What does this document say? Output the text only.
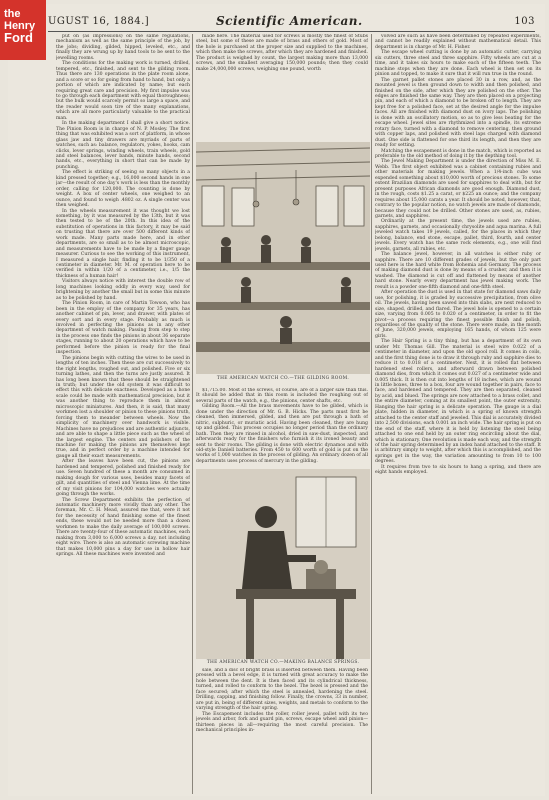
the
Henry
Ford
UGUST 16, 1884.]	Scientific American.	103

put on (as impressions) on the same regulations, mechanism as well as the same principle of the job, by the jobs; dividing, gilded, hipped, leveled, etc., and finally they are wrung up by hand tools to be sent to the jewelling rooms.

The conditions for the making work is turned, drilled, tempered, etc., finished, and sent to the gilding room. Thus there are 130 operations in the plate room alone, and a score or so for going from hand to hand, but only a portion of which are indicated by name; but each requiring great care and precision. My first impulse was to go through each department with equal thoroughness; but the bulk would scarcely permit so large a space, and the reader would soon tire of the many explanations, which are all more particularly valuable to the practical man.

In the making department I shall give a short notice. The Pinion Room is in charge of N. P. Mosley. The first thing that was exhibited was a sort of platform, in whose glass jaw and tiny drawers are myriads of parts of watches, such as: balance, regulators, yokes, hooks, cam clicks, lever springs, winding wheels, train wheels, gold and steel balances, lever bands, minute hands, second hands, etc., everything in short that can be made by punching.

The effect is striking of seeing so many objects in a kind pressed together; e.g., 16,000 second hands in one jar—the result of one day's work is less than the monthly order, calling for 120,000. The counting is done by weight. A box of center wheels, one weighed to an ounce, and found to weigh .4802 oz. A single center was then weighed.

In the wheels measurement it was thought we lost something, by it was measured by the 13th, but it was then tested to be of the 20th. In this idea of the substitution of operations in this factory, it may be said on trusting that there are over 500 different kinds of work made. Many parts made here, and in other departments, are so small as to be almost microscopic, and measurements have to be made by a finger gauge measurer. Curious to see the working of this instrument, I measured a single hair, finding it to be 1/350 of a centimeter in diameter. Mr. M. of operation here to be verified in within 1/20 of a centimeter, i.e., 1/5 the thickness of a human hair!

Visitors always notice with interest the double row of long machines looking oddly in every way, used for brightening by another the small but in some this minute as to be polished by hand.

The Pinion Room, in care of Martin Towson, who has been in the employ of the company for 35 years, has another cabinet of pin, lever, and drawer, with plates of every sort and in every stage. Probably as much is involved in perfecting the pinions as in any other department of watch making. Passing from step to step in the process one finds the pinions in about 36 separate stages, running to about 20 operations which have to be performed before the pinion is ready for the final inspection.

The pinions begin with cutting the wires to be used in lengths of ten inches. Then these are cut successively to the right lengths, roughed out, and polished. Five or six turning lathes, and then the turns are justly assured. It has long been known that these should be straightened in truth; but under the old system it was difficult to effect this with delicate exactness. Developed as a hone scale could be made with mathematical precision, but it was another thing to reproduce them in almost microscopic miniatures. And then, it is said, that many workmen lost a shoulder or pinion to these pinions truth, forcing them to meander between wheels. Now the simplicity of machinery over handwork is visible. Machines have no prejudices and are authentic adjuncts, and are able to shape a little piece such as the wheel of the largest engine. The centers and polishers of the machine for making the pinions are themselves kept true, and in perfect order by a machine intended for gauge all their exact measurements.

After the leaves have been cut, the pinions are hardened and tempered, polished and finished ready for use. Seven hundred of these a month are consumed in making dough for various uses, besides many facets of gilt, and quantities of steel and Vienna lime. At the time of my visit pinions for 104,000 watches were actually going through the works.

The Screw Department exhibits the perfection of automatic machinery more vividly than any other. The foreman, Mr. C. H. Mead, assured me that, were it not for the necessity of hand finishing some of the finest ends, these would not be needed more than a dozen workmen to make the daily average of 100,000 screws. There are twenty-four of these automatic machines, each making from 3,000 to 6,000 screws a day, not including eight wire. There is also an automatic screwing machine that makes 10,000 pins a day for use in hollow hair springs. All these machines were invented and

made here. The material used for screws is mostly the finest of Stubs steel, but some of these are made of brass and others of gold. Most of the hole is purchased at the proper size and supplied to the machines, which then make the screws, after which they are hardened and finished. The product is weighed by count, the largest making more than 13,000 screws, and the smallest averaging 150,000 pounds; then they could make 24,000,000 screws, weighing one pound, worth

THE AMERICAN WATCH CO.—THE GILDING ROOM.

$1,715.00. Most of the screws, of course, are of a larger size than this. It should be added that in this room is included the roughing out of several parts of the watch, e.g., the pinions, center shafts, etc.

Gilding Room.—All the brass movements have to be gilded, which is done under the direction of Mr. G. B. Hicks. The parts must first be cleaned, then immersed, gilded, and then are put through a bath of nitric, sulphuric, or muriatic acid. Having been cleaned, they are hung up and gilded. This process occupies no longer period than the ordinary bath. Then they are rinsed in alcohol, dried in saw-dust, inspected, and afterwards ready for the finishers who furnish it its ironed beauty and sent to their rooms. The gilding is done with electric dynamos and with old-style Daniell batteries. From 450 to 600 worth of gold is put on the works of 1,000 watches in the process of gilding. An ordinary dozen of all departments uses process of mercury in the gilding.

THE AMERICAN WATCH CO.—MAKING BALANCE SPRINGS.

sale, and a disc of bright brass is inserted between them. Having been pressed with a bevel edge, it is turned with great accuracy to make the hole between the dent. It is then faced and its cylindrical thickness, turned, and rolled to conform to the bezel. The bezel is pressed and the face secured; after which the steel is annealed, hardening the steel. Drilling, capping, and finishing follow. Finally, the crowns, 33 in number, are put in, being of different sizes, weights, and metals to conform to the varying strength of the hair spring.

The Escapement includes the roller, roller jewel, pallet with its two jewels and arbor, fork and guard pin, screws, escape wheel and pinion—thirteen pieces in all—requiring the most careful precision. The mechanical principles in-

volved are such as have been determined by repeated experiments, and cannot be readily explained without mathematical detail. This department is in charge of Mr. H. Fisher.

The escape wheel cutting is done by an automatic cutter, carrying six cutters, three steel and three sapphire. Fifty wheels are cut at a time, and it takes six hours to make each of the fifteen teeth. The machine stops when they are done. Each wheel is then set on its pinion and topped, to make it sure that it will run true in the round.

The garnet pallet stones are placed 30 in a row, and, as the mounted jewel is then ground down to width and then polished, and finished on the side, after which they are polished on the other. The edges are finished the same way. They are then placed on a projecting pin, and each of which a diamond to be broken off to length. They are kept free for a polished face, set at the desired angle for the impulse faces. All are finished with diamond dust on ivory laps. The polishing is done with an oscillatory motion, so as to give less beating for the escape wheel. Jewel sites are rhythmized into a spindle, its extreme rotary face, turned with a diamond to remove centering, then ground with copper laps, and polished with steel laps charged with diamond dust. One side is flattened for one third its length, and then they are ready for setting.

Matching the escapement is done in the match, which is reported as preferable to the old method of doing it by the depthing tool.

The Jewel Making Department is under the direction of Miss M. E. Webb. The first object exhibited was a cabinet containing rubies and other materials for making jewels. When a 1/4-inch cube was expended something about $10,000 worth of precious stones. To some extent Brazilian diamonds are used for sapphires to deal with, but for present purposes African diamonds are good enough. Diamond dust, in the rough, costs $1.25 a carat, or $225 an ounce; and the company requires about 15,000 carats a year. It should be noted, however, that, contrary to the popular notion, no watch jewels are made of diamonds, because they could not be drilled. Other stones are used, as, rubies, garnets, and sapphires.

Ordinarily at the present time, the jewels used are rubies, sapphires, garnets, and occasionally chrysolite and aqua marina. A full jeweled watch takes 19 jewels, called, for the places in which they belong, balance, end stone, escape, pallet, third, fourth, and center jewels. Every watch has the same rock elements, e.g., one will find jewels, garnets, all rubies, etc.

The balance jewel, however, in all watches is either ruby or sapphire. There are 10 different grades of jewels, but the only part used here is the hard white from Bohemia and Germany. The process of making diamond dust is done by means of a crusher, and then it is washed. The diamond is cut off and flattened by means of another hard stone. Nearly every department has jewel making work. The result is a powder one-fifth diamond and one-fifth steel.

After operation the dust is used in that state for diamond saws daily use, for polishing, it is graded by successive precipitation, from olive oil. The jewels, having been sawed into thin slabs, are next reduced to size, shaped, drilled, and flared. The jewel hole is opened to a certain size, varying from 0.005 to 0.020 of a centimeter, in order to fit the pivot—a process requiring the finest possible finish and polish, regardless of the quality of the stone. There were made, in the month of June, 320,000 jewels, employing 165 hands, of whom 125 were girls.

The Hair Spring is a tiny thing, but has a department of its own under Mr. Thomas Gill. The material is steel wire 0.022 of a centimeter in diameter, and upon the old spool roll. It comes in coils, and the first thing done is to draw it through ruby and sapphire dies to reduce it to 0.018 of a centimeter. Next, it is rolled flat between hardened steel rollers, and afterward drawn between polished diamond dies, from which it comes out 0.027 of a centimeter wide and 0.005 thick. It is then cut into lengths of 18 inches, which are wound in little boxes, three to a box, four are wound together in pairs, face to face, and hardened and tempered. They are then separated, cleaned by acid, and blued. The springs are now attached to a brass collet, and the entire diameter, coming at its smallest point, the outer extremity. Hanging the hair spring is a delicate operation. The gauge is a dial plate, hidden in diameter, in which is a spring of known strength attached to the center staff and jeweled. This dial is accurately divided into 2,500 divisions, each 0.001 an inch wide. The hair spring is put on the end of the staff, where it is held by listening the steel being attached to one end held by an outer ring encircling about the dial, which is stationary. One revolution is made each way, and the strength of the hair spring determined by an index hand attached to the staff. It is arbitrary simply to weight, after which this is accomplished, and the springs get in the way, the variation amounting to from 10 to 100 degrees.

It requires from two to six hours to hang a spring, and there are eight hands employed.
